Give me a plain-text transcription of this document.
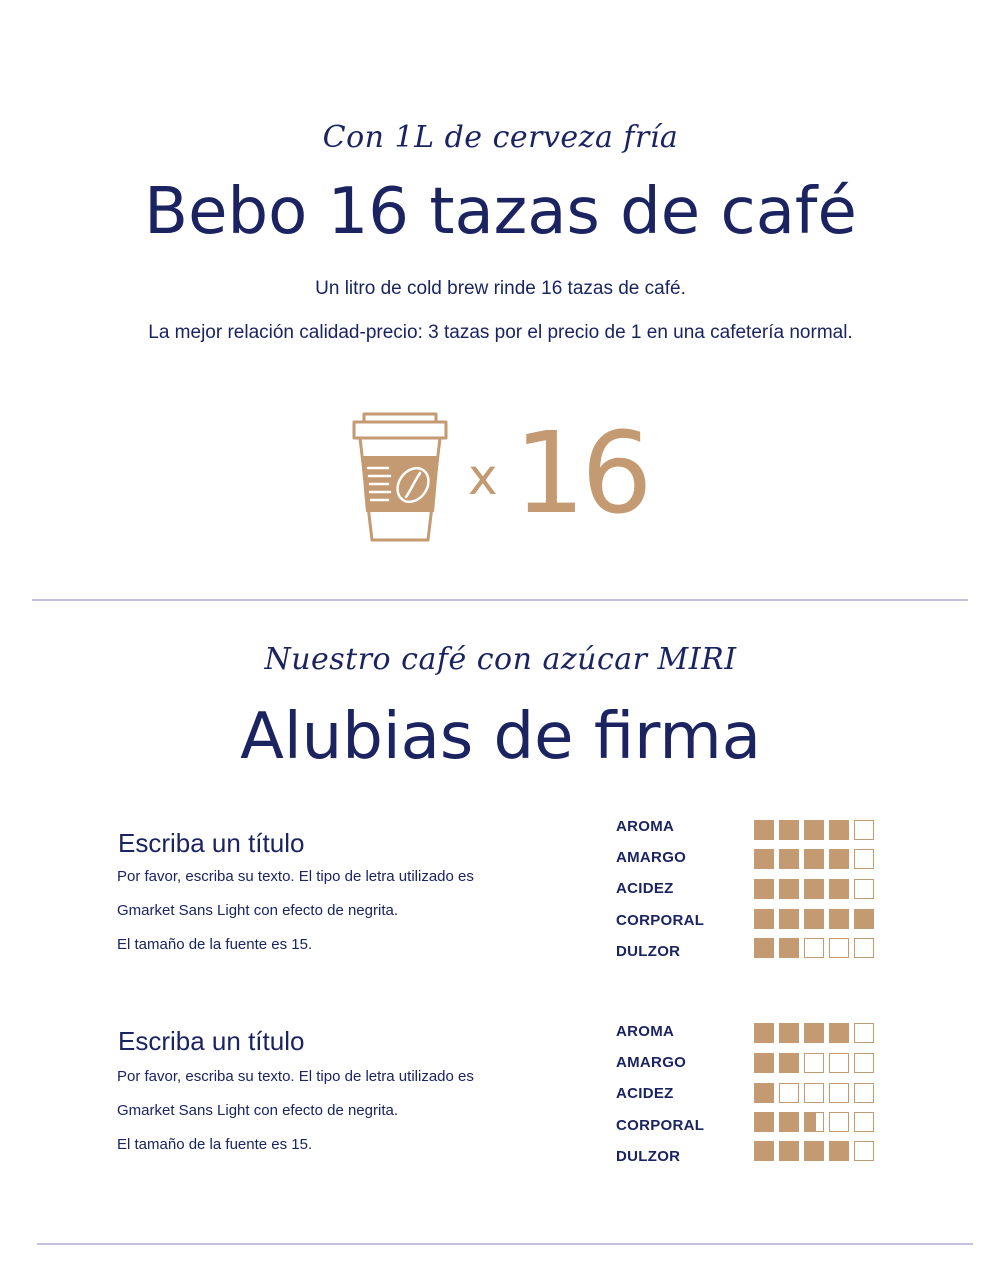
Con 1L de cerveza fría
Bebo 16 tazas de café
Un litro de cold brew rinde 16 tazas de café.
La mejor relación calidad-precio: 3 tazas por el precio de 1 en una cafetería normal.
x 16
Nuestro café con azúcar MIRI
Alubias de firma
Escriba un título
Por favor, escriba su texto. El tipo de letra utilizado es
Gmarket Sans Light con efecto de negrita.
El tamaño de la fuente es 15.
AROMA
AMARGO
ACIDEZ
CORPORAL
DULZOR
Escriba un título
Por favor, escriba su texto. El tipo de letra utilizado es
Gmarket Sans Light con efecto de negrita.
El tamaño de la fuente es 15.
AROMA
AMARGO
ACIDEZ
CORPORAL
DULZOR
